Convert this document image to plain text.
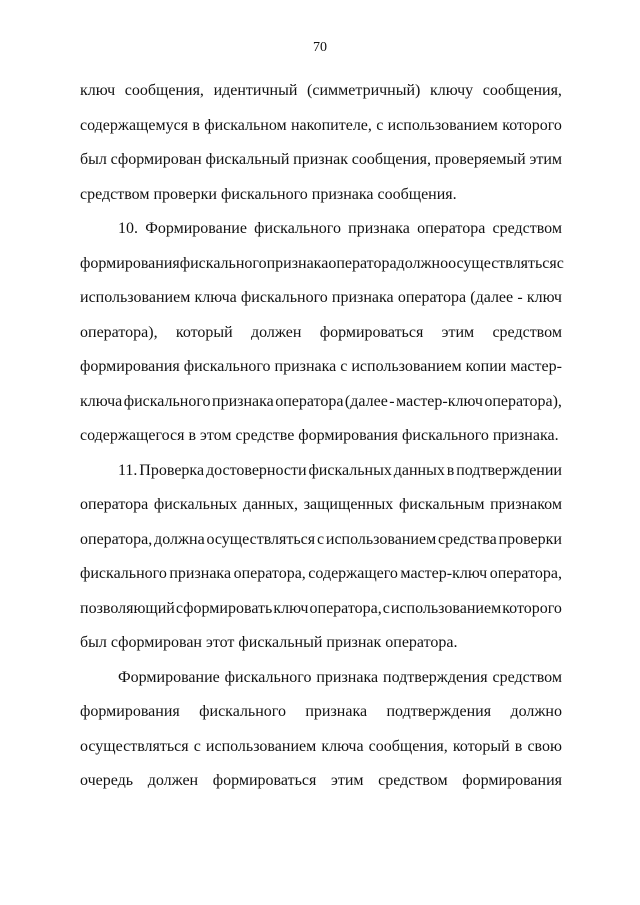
70
ключ сообщения, идентичный (симметричный) ключу сообщения,
содержащемуся в фискальном накопителе, с использованием которого
был сформирован фискальный признак сообщения, проверяемый этим
средством проверки фискального признака сообщения.
10. Формирование фискального признака оператора средством
формирования фискального признака оператора должно осуществляться с
использованием ключа фискального признака оператора (далее - ключ
оператора), который должен формироваться этим средством
формирования фискального признака с использованием копии мастер-
ключа фискального признака оператора (далее - мастер-ключ оператора),
содержащегося в этом средстве формирования фискального признака.
11. Проверка достоверности фискальных данных в подтверждении
оператора фискальных данных, защищенных фискальным признаком
оператора, должна осуществляться с использованием средства проверки
фискального признака оператора, содержащего мастер-ключ оператора,
позволяющий сформировать ключ оператора, с использованием которого
был сформирован этот фискальный признак оператора.
Формирование фискального признака подтверждения средством
формирования фискального признака подтверждения должно
осуществляться с использованием ключа сообщения, который в свою
очередь должен формироваться этим средством формирования
